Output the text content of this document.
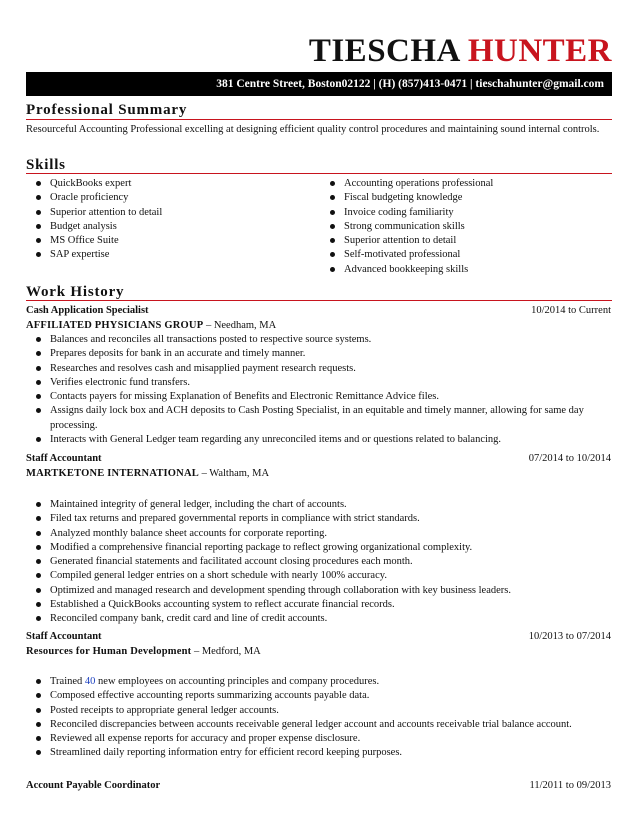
TIESCHA HUNTER
381 Centre Street, Boston02122 | (H) (857)413-0471 | tieschahunter@gmail.com
Professional Summary
Resourceful Accounting Professional excelling at designing efficient quality control procedures and maintaining sound internal controls.
Skills
QuickBooks expert
Oracle proficiency
Superior attention to detail
Budget analysis
MS Office Suite
SAP expertise
Accounting operations professional
Fiscal budgeting knowledge
Invoice coding familiarity
Strong communication skills
Superior attention to detail
Self-motivated professional
Advanced bookkeeping skills
Work History
Cash Application Specialist	10/2014 to Current
AFFILIATED PHYSICIANS GROUP – Needham, MA
Balances and reconciles all transactions posted to respective source systems.
Prepares deposits for bank in an accurate and timely manner.
Researches and resolves cash and misapplied payment research requests.
Verifies electronic fund transfers.
Contacts payers for missing Explanation of Benefits and Electronic Remittance Advice files.
Assigns daily lock box and ACH deposits to Cash Posting Specialist, in an equitable and timely manner, allowing for same day processing.
Interacts with General Ledger team regarding any unreconciled items and or questions related to balancing.
Staff Accountant	07/2014 to 10/2014
MARTKETONE INTERNATIONAL – Waltham, MA
Maintained integrity of general ledger, including the chart of accounts.
Filed tax returns and prepared governmental reports in compliance with strict standards.
Analyzed monthly balance sheet accounts for corporate reporting.
Modified a comprehensive financial reporting package to reflect growing organizational complexity.
Generated financial statements and facilitated account closing procedures each month.
Compiled general ledger entries on a short schedule with nearly 100% accuracy.
Optimized and managed research and development spending through collaboration with key business leaders.
Established a QuickBooks accounting system to reflect accurate financial records.
Reconciled company bank, credit card and line of credit accounts.
Staff Accountant	10/2013 to 07/2014
Resources for Human Development – Medford, MA
Trained 40 new employees on accounting principles and company procedures.
Composed effective accounting reports summarizing accounts payable data.
Posted receipts to appropriate general ledger accounts.
Reconciled discrepancies between accounts receivable general ledger account and accounts receivable trial balance account.
Reviewed all expense reports for accuracy and proper expense disclosure.
Streamlined daily reporting information entry for efficient record keeping purposes.
Account Payable Coordinator	11/2011 to 09/2013
